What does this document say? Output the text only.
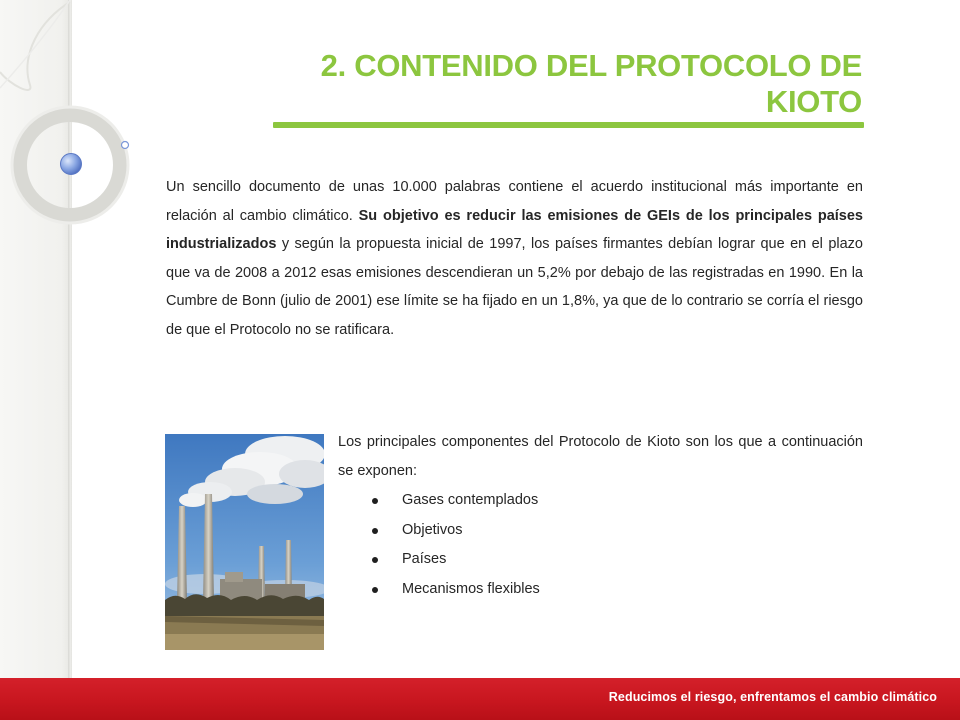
2. CONTENIDO DEL PROTOCOLO DE
KIOTO
Un sencillo documento de unas 10.000 palabras contiene el acuerdo institucional más importante en relación al cambio climático. Su objetivo es reducir las emisiones de GEIs de los principales países industrializados y según la propuesta inicial de 1997, los países firmantes debían lograr que en el plazo que va de 2008 a 2012 esas emisiones descendieran un 5,2% por debajo de las registradas en 1990. En la Cumbre de Bonn (julio de 2001) ese límite se ha fijado en un 1,8%, ya que de lo contrario se corría el riesgo de que el Protocolo no se ratificara.
Los principales componentes del Protocolo de Kioto son los que a continuación se exponen:
Gases contemplados
Objetivos
Países
Mecanismos flexibles
Reducimos el riesgo, enfrentamos el cambio climático
